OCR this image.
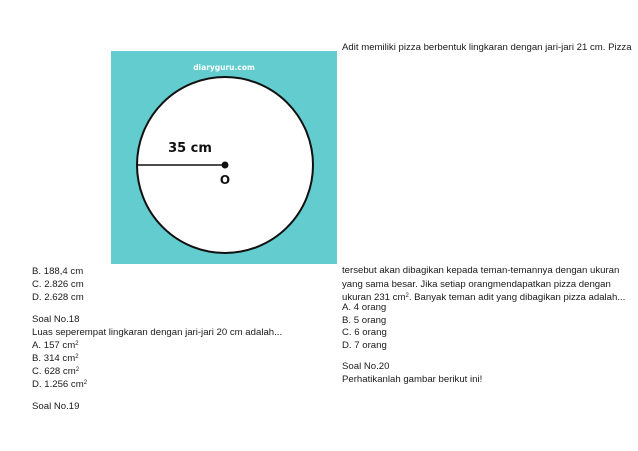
diaryguru.com
35 cm
O
Adit memiliki pizza berbentuk lingkaran dengan jari-jari 21 cm. Pizza
tersebut akan dibagikan kepada teman-temannya dengan ukuran
yang sama besar. Jika setiap orangmendapatkan pizza dengan
ukuran 231 $cm^2$. Banyak teman adit yang dibagikan pizza adalah...
A. 4 orang
B. 5 orang
C. 6 orang
D. 7 orang
Soal No.20
Perhatikanlah gambar berikut ini!
B. 188,4 cm
C. 2.826 cm
D. 2.628 cm
Soal No.18
Luas seperempat lingkaran dengan jari-jari 20 cm adalah...
A. 157 $cm^2$
B. 314 $cm^2$
C. 628 $cm^2$
D. 1.256 $cm^2$
Soal No.19
